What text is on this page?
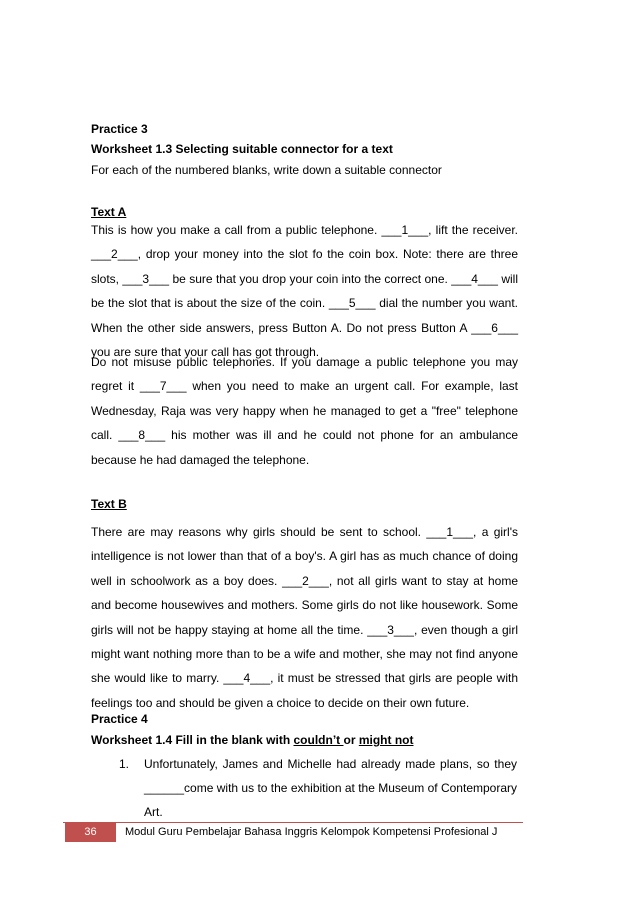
Practice 3
Worksheet 1.3 Selecting suitable connector for a text
For each of the numbered blanks, write down a suitable connector
Text A
This is how you make a call from a public telephone. ___1___, lift the receiver. ___2___, drop your money into the slot fo the coin box. Note: there are three slots, ___3___ be sure that you drop your coin into the correct one. ___4___ will be the slot that is about the size of the coin. ___5___ dial the number you want. When the other side answers, press Button A. Do not press Button A ___6___ you are sure that your call has got through.
Do not misuse public telephones. If you damage a public telephone you may regret it ___7___ when you need to make an urgent call. For example, last Wednesday, Raja was very happy when he managed to get a "free" telephone call. ___8___ his mother was ill and he could not phone for an ambulance because he had damaged the telephone.
Text B
There are may reasons why girls should be sent to school. ___1___, a girl's intelligence is not lower than that of a boy's. A girl has as much chance of doing well in schoolwork as a boy does. ___2___, not all girls want to stay at home and become housewives and mothers. Some girls do not like housework. Some girls will not be happy staying at home all the time. ___3___, even though a girl might want nothing more than to be a wife and mother, she may not find anyone she would like to marry. ___4___, it must be stressed that girls are people with feelings too and should be given a choice to decide on their own future.
Practice 4
Worksheet 1.4 Fill in the blank with couldn’t or might not
1. Unfortunately, James and Michelle had already made plans, so they ______come with us to the exhibition at the Museum of Contemporary Art.
36	Modul Guru Pembelajar Bahasa Inggris Kelompok Kompetensi Profesional J
